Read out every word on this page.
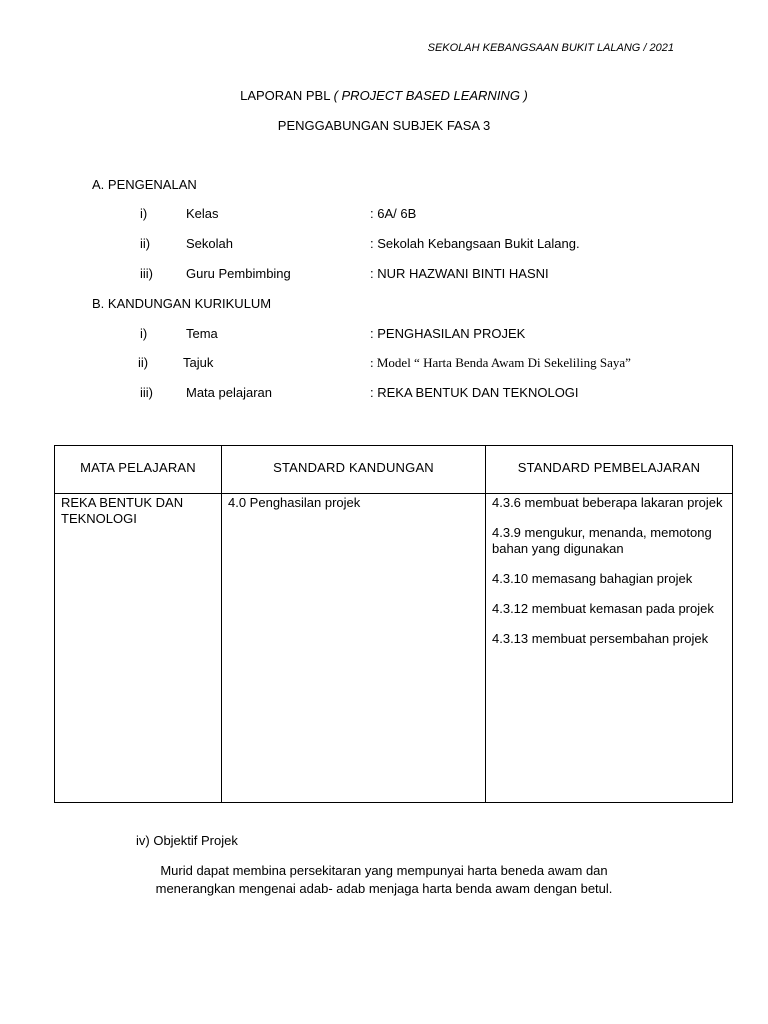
SEKOLAH KEBANGSAAN BUKIT LALANG / 2021
LAPORAN PBL ( PROJECT BASED LEARNING )
PENGGABUNGAN SUBJEK FASA 3
A. PENGENALAN
i)	Kelas	: 6A/ 6B
ii)	Sekolah	: Sekolah Kebangsaan Bukit Lalang.
iii)	Guru Pembimbing	: NUR HAZWANI BINTI HASNI
B. KANDUNGAN KURIKULUM
i)	Tema	: PENGHASILAN PROJEK
ii)	Tajuk	: Model “ Harta Benda Awam Di Sekeliling Saya”
iii)	Mata pelajaran	: REKA BENTUK DAN TEKNOLOGI
MATA PELAJARAN	STANDARD KANDUNGAN	STANDARD PEMBELAJARAN
REKA BENTUK DAN TEKNOLOGI	4.0 Penghasilan projek	4.3.6 membuat beberapa lakaran projek
4.3.9 mengukur, menanda, memotong bahan yang digunakan
4.3.10 memasang bahagian projek
4.3.12 membuat kemasan pada projek
4.3.13 membuat persembahan projek
iv) Objektif Projek
Murid dapat membina persekitaran yang mempunyai harta beneda awam dan
menerangkan mengenai adab- adab menjaga harta benda awam dengan betul.
